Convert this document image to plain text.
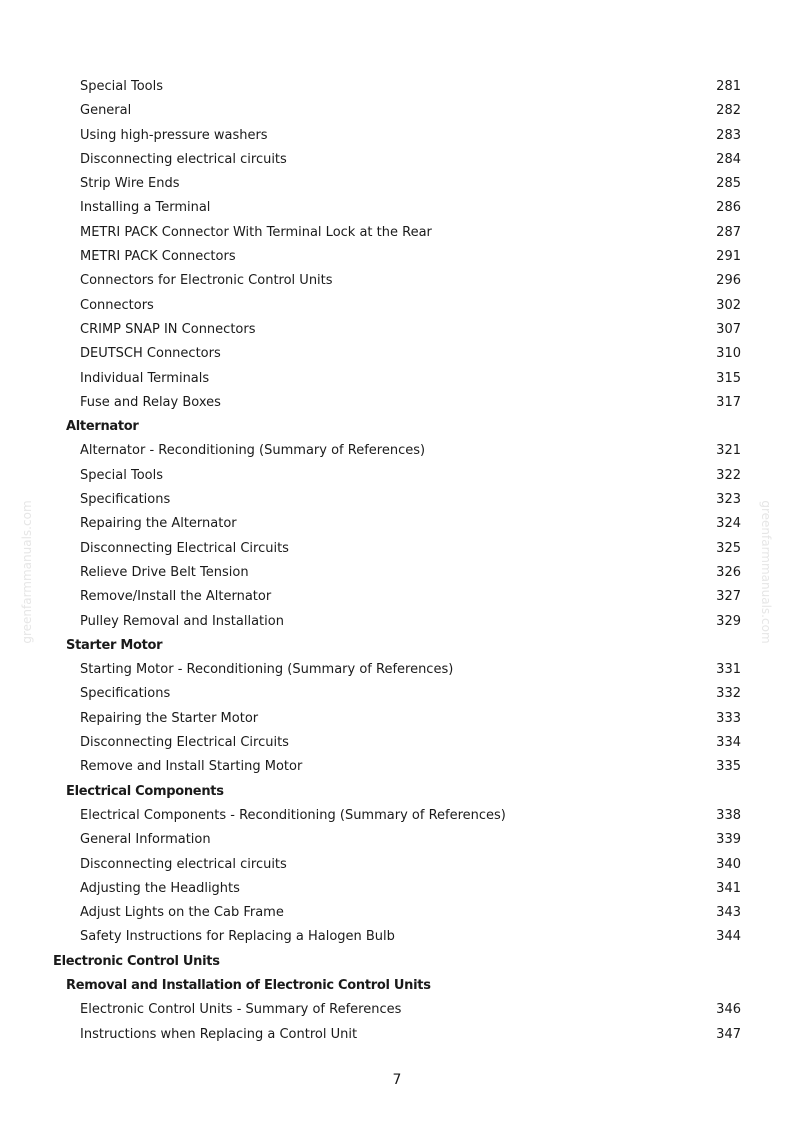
Special Tools	281
General	282
Using high-pressure washers	283
Disconnecting electrical circuits	284
Strip Wire Ends	285
Installing a Terminal	286
METRI PACK Connector With Terminal Lock at the Rear	287
METRI PACK Connectors	291
Connectors for Electronic Control Units	296
Connectors	302
CRIMP SNAP IN Connectors	307
DEUTSCH Connectors	310
Individual Terminals	315
Fuse and Relay Boxes	317
Alternator
Alternator - Reconditioning (Summary of References)	321
Special Tools	322
Specifications	323
Repairing the Alternator	324
Disconnecting Electrical Circuits	325
Relieve Drive Belt Tension	326
Remove/Install the Alternator	327
Pulley Removal and Installation	329
Starter Motor
Starting Motor - Reconditioning (Summary of References)	331
Specifications	332
Repairing the Starter Motor	333
Disconnecting Electrical Circuits	334
Remove and Install Starting Motor	335
Electrical Components
Electrical Components - Reconditioning (Summary of References)	338
General Information	339
Disconnecting electrical circuits	340
Adjusting the Headlights	341
Adjust Lights on the Cab Frame	343
Safety Instructions for Replacing a Halogen Bulb	344
Electronic Control Units
Removal and Installation of Electronic Control Units
Electronic Control Units - Summary of References	346
Instructions when Replacing a Control Unit	347
greenfarmmanuals.com	greenfarmmanuals.com
7
